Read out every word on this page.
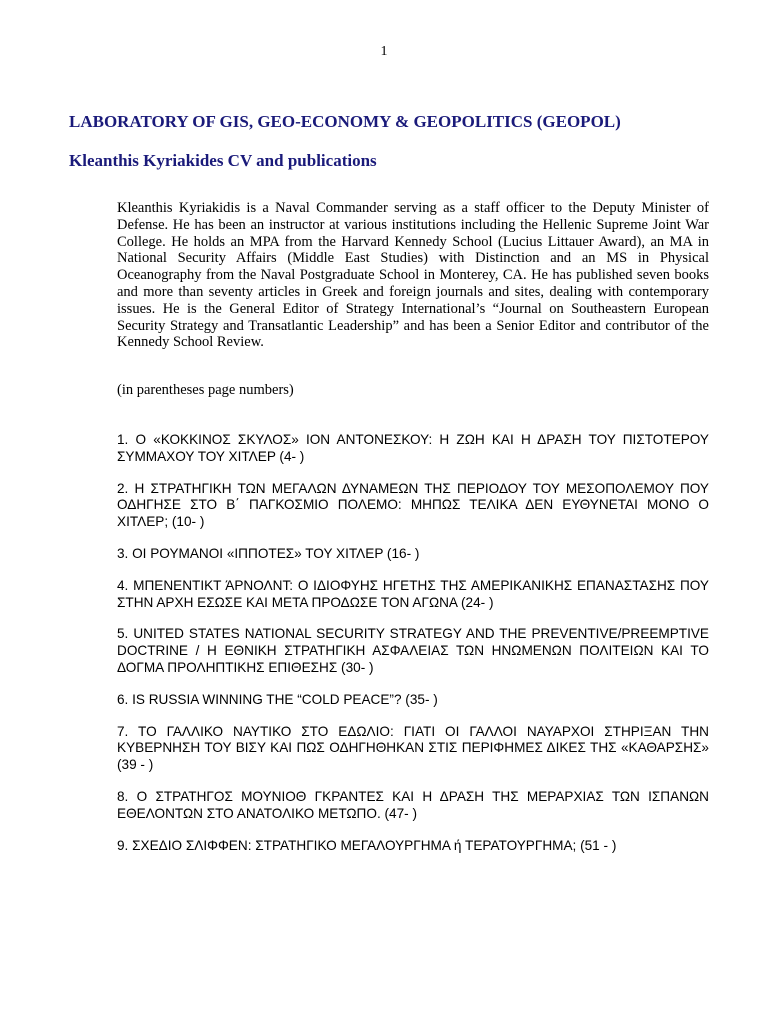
1
LABORATORY OF GIS, GEO-ECONOMY & GEOPOLITICS (GEOPOL)
Kleanthis Kyriakides CV and publications

Kleanthis Kyriakidis is a Naval Commander serving as a staff officer to the Deputy Minister of Defense. He has been an instructor at various institutions including the Hellenic Supreme Joint War College. He holds an MPA from the Harvard Kennedy School (Lucius Littauer Award), an MA in National Security Affairs (Middle East Studies) with Distinction and an MS in Physical Oceanography from the Naval Postgraduate School in Monterey, CA. He has published seven books and more than seventy articles in Greek and foreign journals and sites, dealing with contemporary issues. He is the General Editor of Strategy International’s “Journal on Southeastern European Security Strategy and Transatlantic Leadership” and has been a Senior Editor and contributor of the Kennedy School Review.

(in parentheses page numbers)

1. Ο «ΚΟΚΚΙΝΟΣ ΣΚΥΛΟΣ» ΙΟΝ ΑΝΤΟΝΕΣΚΟΥ: Η ΖΩΗ ΚΑΙ Η ΔΡΑΣΗ ΤΟΥ ΠΙΣΤΟΤΕΡΟΥ ΣΥΜΜΑΧΟΥ ΤΟΥ ΧΙΤΛΕΡ (4- )
2. Η ΣΤΡΑΤΗΓΙΚΗ ΤΩΝ ΜΕΓΑΛΩΝ ΔΥΝΑΜΕΩΝ ΤΗΣ ΠΕΡΙΟΔΟΥ ΤΟΥ ΜΕΣΟΠΟΛΕΜΟΥ ΠΟΥ ΟΔΗΓΗΣΕ ΣΤΟ Β΄ ΠΑΓΚΟΣΜΙΟ ΠΟΛΕΜΟ: ΜΗΠΩΣ ΤΕΛΙΚΑ ΔΕΝ ΕΥΘΥΝΕΤΑΙ ΜΟΝΟ Ο ΧΙΤΛΕΡ; (10- )
3. ΟΙ ΡΟΥΜΑΝΟΙ «ΙΠΠΟΤΕΣ» ΤΟΥ ΧΙΤΛΕΡ (16- )
4. ΜΠΕΝΕΝΤΙΚΤ ΆΡΝΟΛΝΤ: Ο ΙΔΙΟΦΥΗΣ ΗΓΕΤΗΣ ΤΗΣ ΑΜΕΡΙΚΑΝΙΚΗΣ ΕΠΑΝΑΣΤΑΣΗΣ ΠΟΥ ΣΤΗΝ ΑΡΧΗ ΕΣΩΣΕ ΚΑΙ ΜΕΤΑ ΠΡΟΔΩΣΕ ΤΟΝ ΑΓΩΝΑ (24- )
5. UNITED STATES NATIONAL SECURITY STRATEGY AND THE PREVENTIVE/PREEMPTIVE DOCTRINE / Η ΕΘΝΙΚΗ ΣΤΡΑΤΗΓΙΚΗ ΑΣΦΑΛΕΙΑΣ ΤΩΝ ΗΝΩΜΕΝΩΝ ΠΟΛΙΤΕΙΩΝ ΚΑΙ ΤΟ ΔΟΓΜΑ ΠΡΟΛΗΠΤΙΚΗΣ ΕΠΙΘΕΣΗΣ (30- )
6. IS RUSSIA WINNING THE “COLD PEACE”? (35- )
7. ΤΟ ΓΑΛΛΙΚΟ ΝΑΥΤΙΚΟ ΣΤΟ ΕΔΩΛΙΟ: ΓΙΑΤΙ ΟΙ ΓΑΛΛΟΙ ΝΑΥΑΡΧΟΙ ΣΤΗΡΙΞΑΝ ΤΗΝ ΚΥΒΕΡΝΗΣΗ ΤΟΥ ΒΙΣΥ ΚΑΙ ΠΩΣ ΟΔΗΓΗΘΗΚΑΝ ΣΤΙΣ ΠΕΡΙΦΗΜΕΣ ΔΙΚΕΣ ΤΗΣ «ΚΑΘΑΡΣΗΣ» (39 - )
8. Ο ΣΤΡΑΤΗΓΟΣ ΜΟΥΝΙΟΘ ΓΚΡΑΝΤΕΣ ΚΑΙ Η ΔΡΑΣΗ ΤΗΣ ΜΕΡΑΡΧΙΑΣ ΤΩΝ ΙΣΠΑΝΩΝ ΕΘΕΛΟΝΤΩΝ ΣΤΟ ΑΝΑΤΟΛΙΚΟ ΜΕΤΩΠΟ. (47- )
9. ΣΧΕΔΙΟ ΣΛΙΦΦΕΝ: ΣΤΡΑΤΗΓΙΚΟ ΜΕΓΑΛΟΥΡΓΗΜΑ ή ΤΕΡΑΤΟΥΡΓΗΜΑ; (51 - )
